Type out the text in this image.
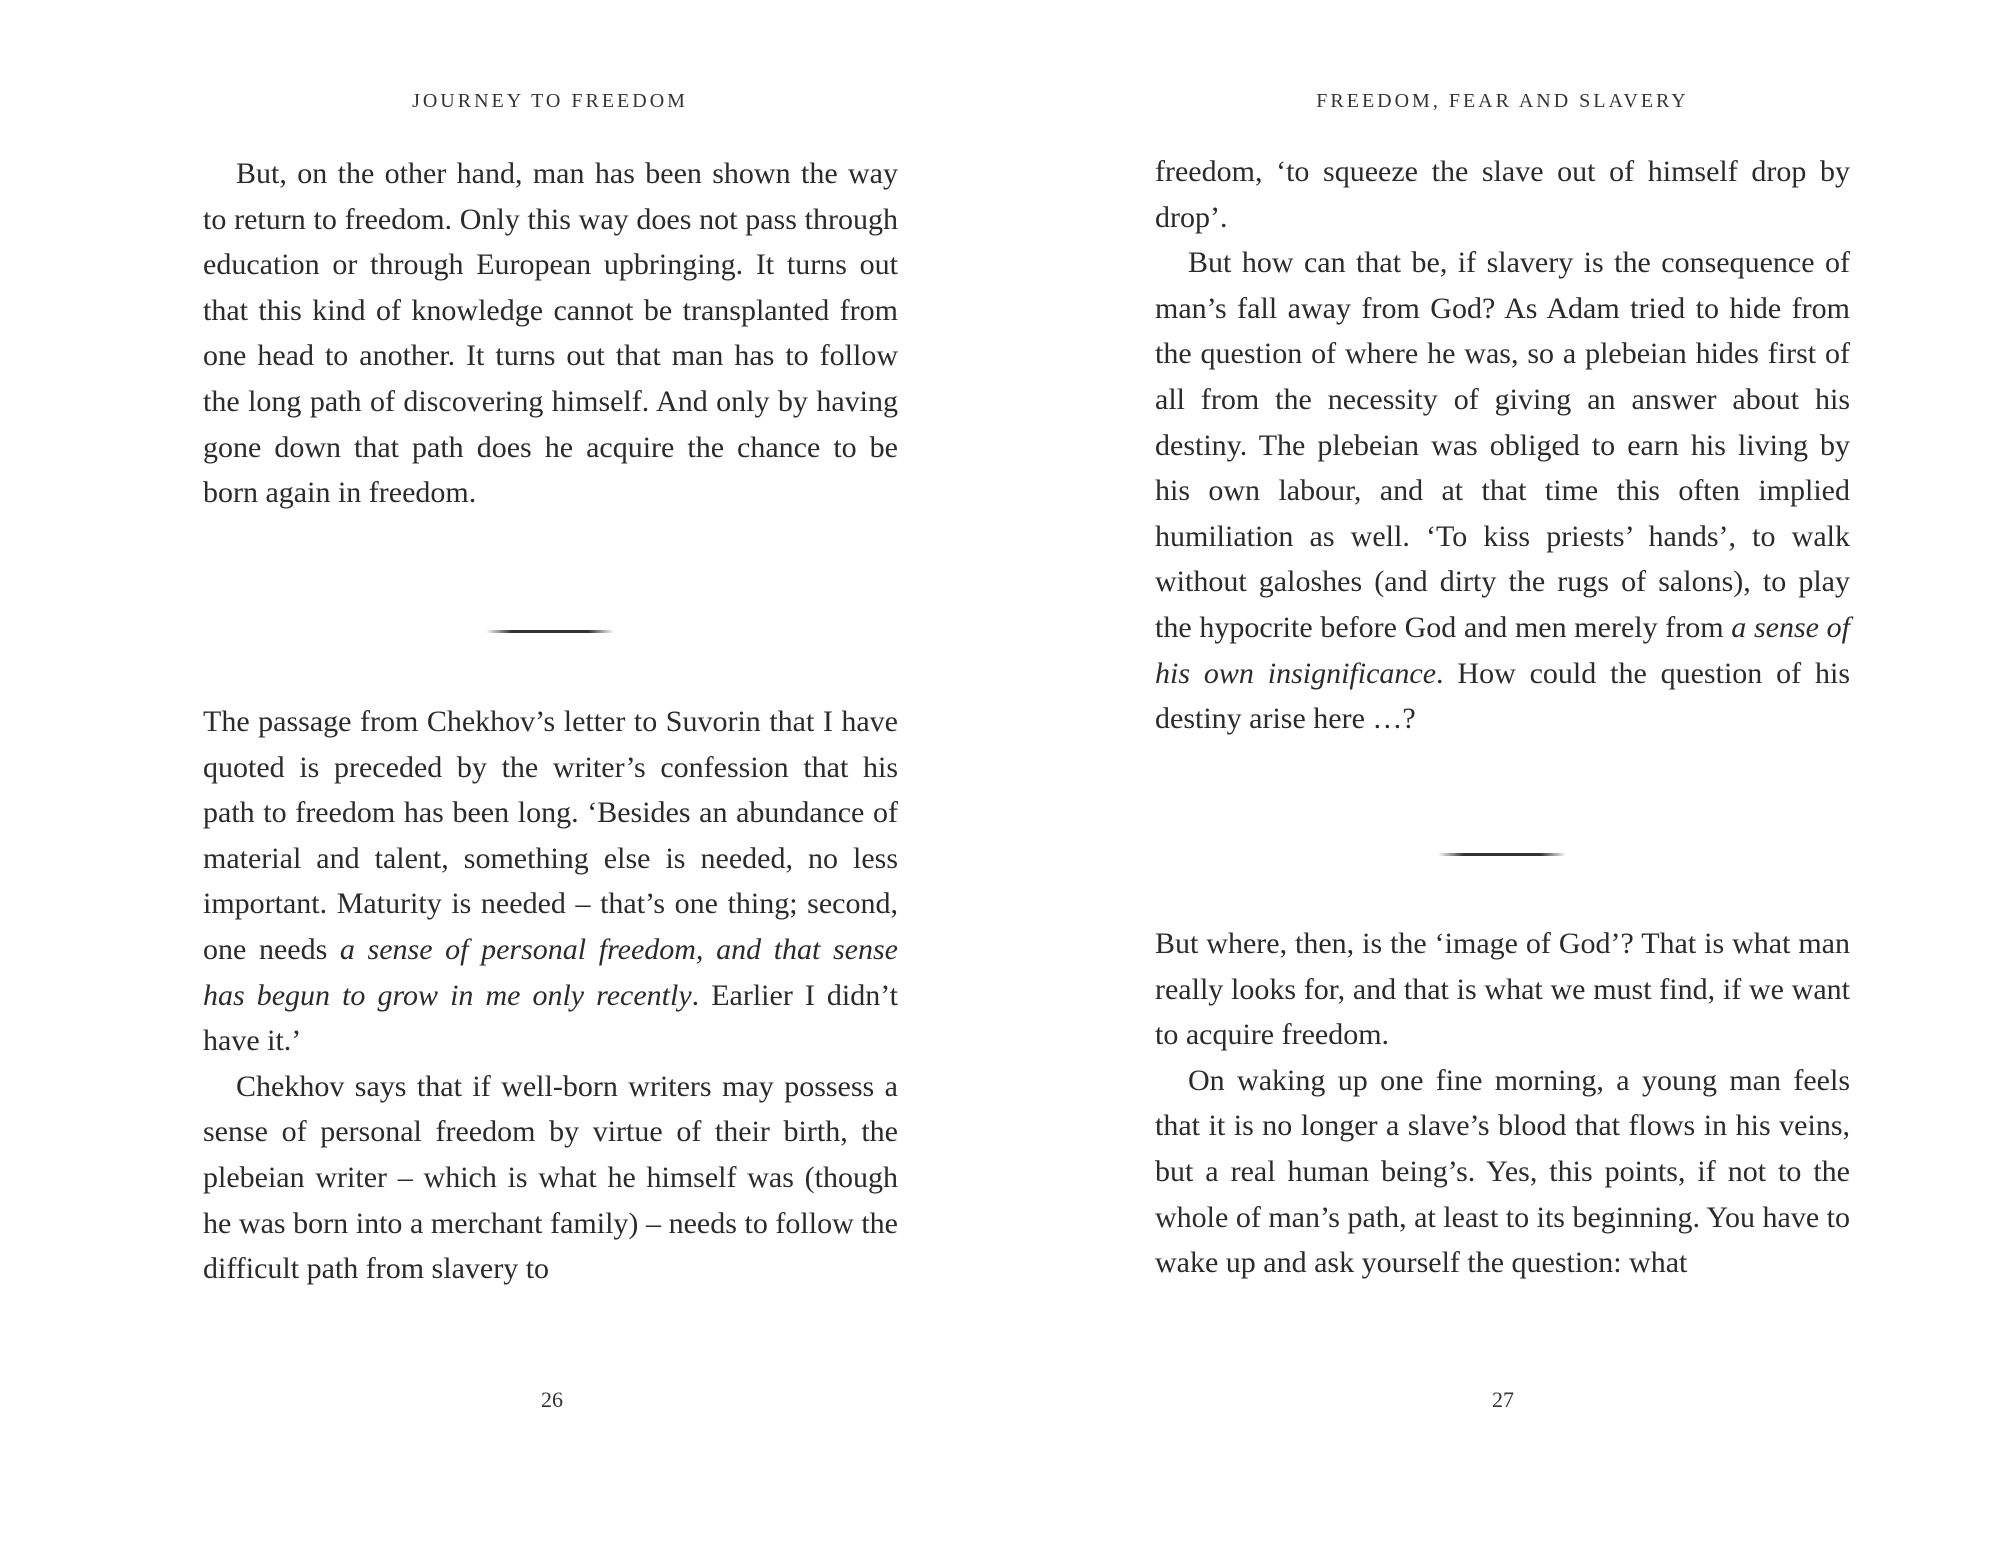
JOURNEY TO FREEDOM

But, on the other hand, man has been shown the way to return to freedom. Only this way does not pass through education or through European upbringing. It turns out that this kind of knowledge cannot be transplanted from one head to another. It turns out that man has to follow the long path of discovering himself. And only by having gone down that path does he acquire the chance to be born again in freedom.

The passage from Chekhov’s letter to Suvorin that I have quoted is preceded by the writer’s confession that his path to freedom has been long. ‘Besides an abundance of material and talent, something else is needed, no less important. Maturity is needed – that’s one thing; second, one needs a sense of personal freedom, and that sense has begun to grow in me only recently. Earlier I didn’t have it.’

Chekhov says that if well-born writers may possess a sense of personal freedom by virtue of their birth, the plebeian writer – which is what he himself was (though he was born into a merchant family) – needs to follow the difficult path from slavery to

26
FREEDOM, FEAR AND SLAVERY

freedom, ‘to squeeze the slave out of himself drop by drop’.

But how can that be, if slavery is the consequence of man’s fall away from God? As Adam tried to hide from the question of where he was, so a plebeian hides first of all from the necessity of giving an answer about his destiny. The plebeian was obliged to earn his living by his own labour, and at that time this often implied humiliation as well. ‘To kiss priests’ hands’, to walk without galoshes (and dirty the rugs of salons), to play the hypocrite before God and men merely from a sense of his own insignificance. How could the question of his destiny arise here …?

But where, then, is the ‘image of God’? That is what man really looks for, and that is what we must find, if we want to acquire freedom.

On waking up one fine morning, a young man feels that it is no longer a slave’s blood that flows in his veins, but a real human being’s. Yes, this points, if not to the whole of man’s path, at least to its beginning. You have to wake up and ask yourself the question: what

27
